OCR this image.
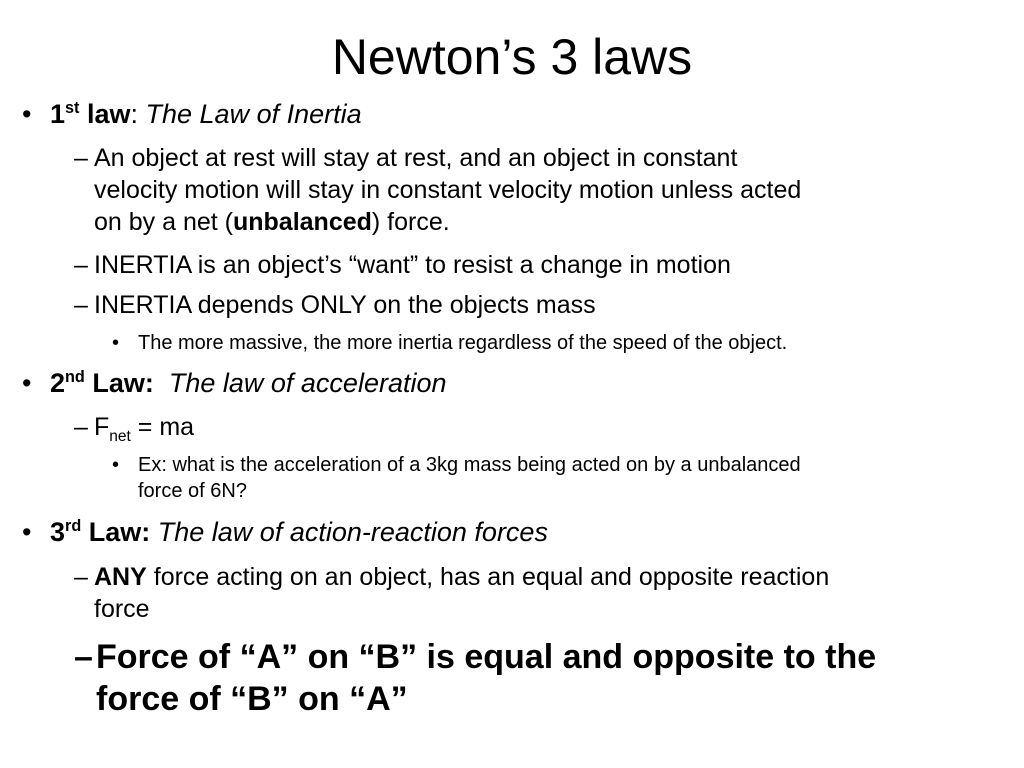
Newton’s 3 laws
• 1st law: The Law of Inertia
– An object at rest will stay at rest, and an object in constant
velocity motion will stay in constant velocity motion unless acted
on by a net (unbalanced) force.
– INERTIA is an object’s “want” to resist a change in motion
– INERTIA depends ONLY on the objects mass
• The more massive, the more inertia regardless of the speed of the object.
• 2nd Law: The law of acceleration
– $F_{net}$ = ma
• Ex: what is the acceleration of a 3kg mass being acted on by a unbalanced
force of 6N?
• 3rd Law: The law of action-reaction forces
– ANY force acting on an object, has an equal and opposite reaction
force
–Force of “A” on “B” is equal and opposite to the
force of “B” on “A”
